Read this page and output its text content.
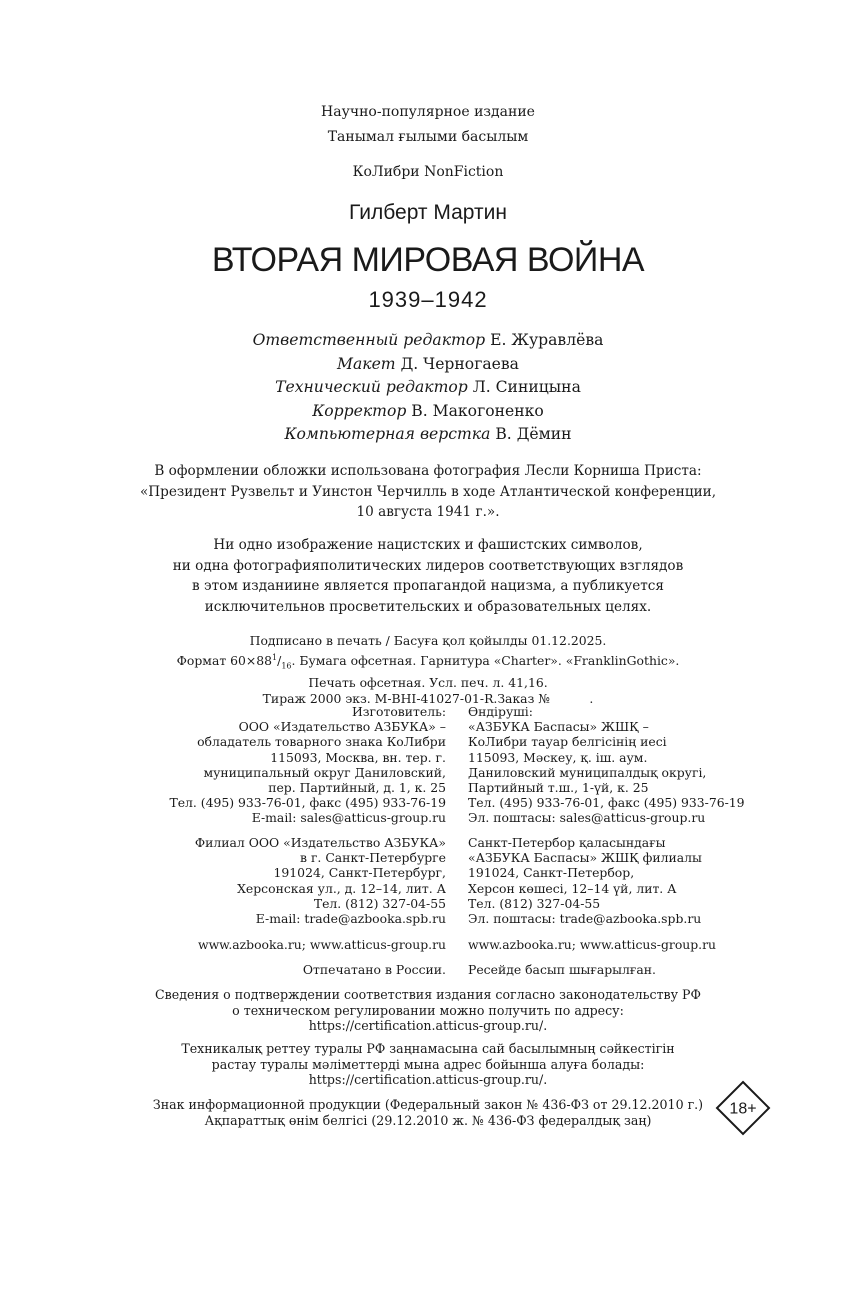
Научно-популярное издание
Танымал ғылыми басылым
КоЛибри NonFiction
Гилберт Мартин
ВТОРАЯ МИРОВАЯ ВОЙНА
1939–1942
Ответственный редактор Е. Журавлёва
Макет Д. Черногаева
Технический редактор Л. Синицына
Корректор В. Макогоненко
Компьютерная верстка В. Дёмин
В оформлении обложки использована фотография Лесли Корниша Приста:
«Президент Рузвельт и Уинстон Черчилль в ходе Атлантической конференции,
10 августа 1941 г.».
Ни одно изображение нацистских и фашистских символов,
ни одна фотографияполитических лидеров соответствующих взглядов
в этом изданиине является пропагандой нацизма, а публикуется
исключительнов просветительских и образовательных целях.
Подписано в печать / Басуға қол қойылды 01.12.2025.
Формат $60\times 88^1/_{16}$. Бумага офсетная. Гарнитура «Charter». «FranklinGothic».
Печать офсетная. Усл. печ. л. 41,16.
Тираж 2000 экз. M-BHI-41027-01-R.Заказ №          .
Изготовитель:
ООО «Издательство АЗБУКА» –
обладатель товарного знака КоЛибри
115093, Москва, вн. тер. г.
муниципальный округ Даниловский,
пер. Партийный, д. 1, к. 25
Тел. (495) 933-76-01, факс (495) 933-76-19
E-mail: sales@atticus-group.ru
Өндіруші:
«АЗБУКА Баспасы» ЖШҚ –
КоЛибри тауар белгісінің иесі
115093, Мәскеу, қ. іш. аум.
Даниловский муниципалдық округі,
Партийный т.ш., 1-үй, к. 25
Тел. (495) 933-76-01, факс (495) 933-76-19
Эл. поштасы: sales@atticus-group.ru
Филиал ООО «Издательство АЗБУКА»
в г. Санкт-Петербурге
191024, Санкт-Петербург,
Херсонская ул., д. 12–14, лит. А
Тел. (812) 327-04-55
E-mail: trade@azbooka.spb.ru
Санкт-Петербор қаласындағы
«АЗБУКА Баспасы» ЖШҚ филиалы
191024, Санкт-Петербор,
Херсон көшесі, 12–14 үй, лит. А
Тел. (812) 327-04-55
Эл. поштасы: trade@azbooka.spb.ru
www.azbooka.ru; www.atticus-group.ru www.azbooka.ru; www.atticus-group.ru
Отпечатано в России. Ресейде басып шығарылған.
Сведения о подтверждении соответствия издания согласно законодательству РФ
о техническом регулировании можно получить по адресу:
https://certification.atticus-group.ru/.
Техникалық реттеу туралы РФ заңнамасына сай басылымның сәйкестігін
растау туралы мәліметтерді мына адрес бойынша алуға болады:
https://certification.atticus-group.ru/.
Знак информационной продукции (Федеральный закон № 436-ФЗ от 29.12.2010 г.)
Ақпараттық өнім белгісі (29.12.2010 ж. № 436-ФЗ федералдық заң)
18+
